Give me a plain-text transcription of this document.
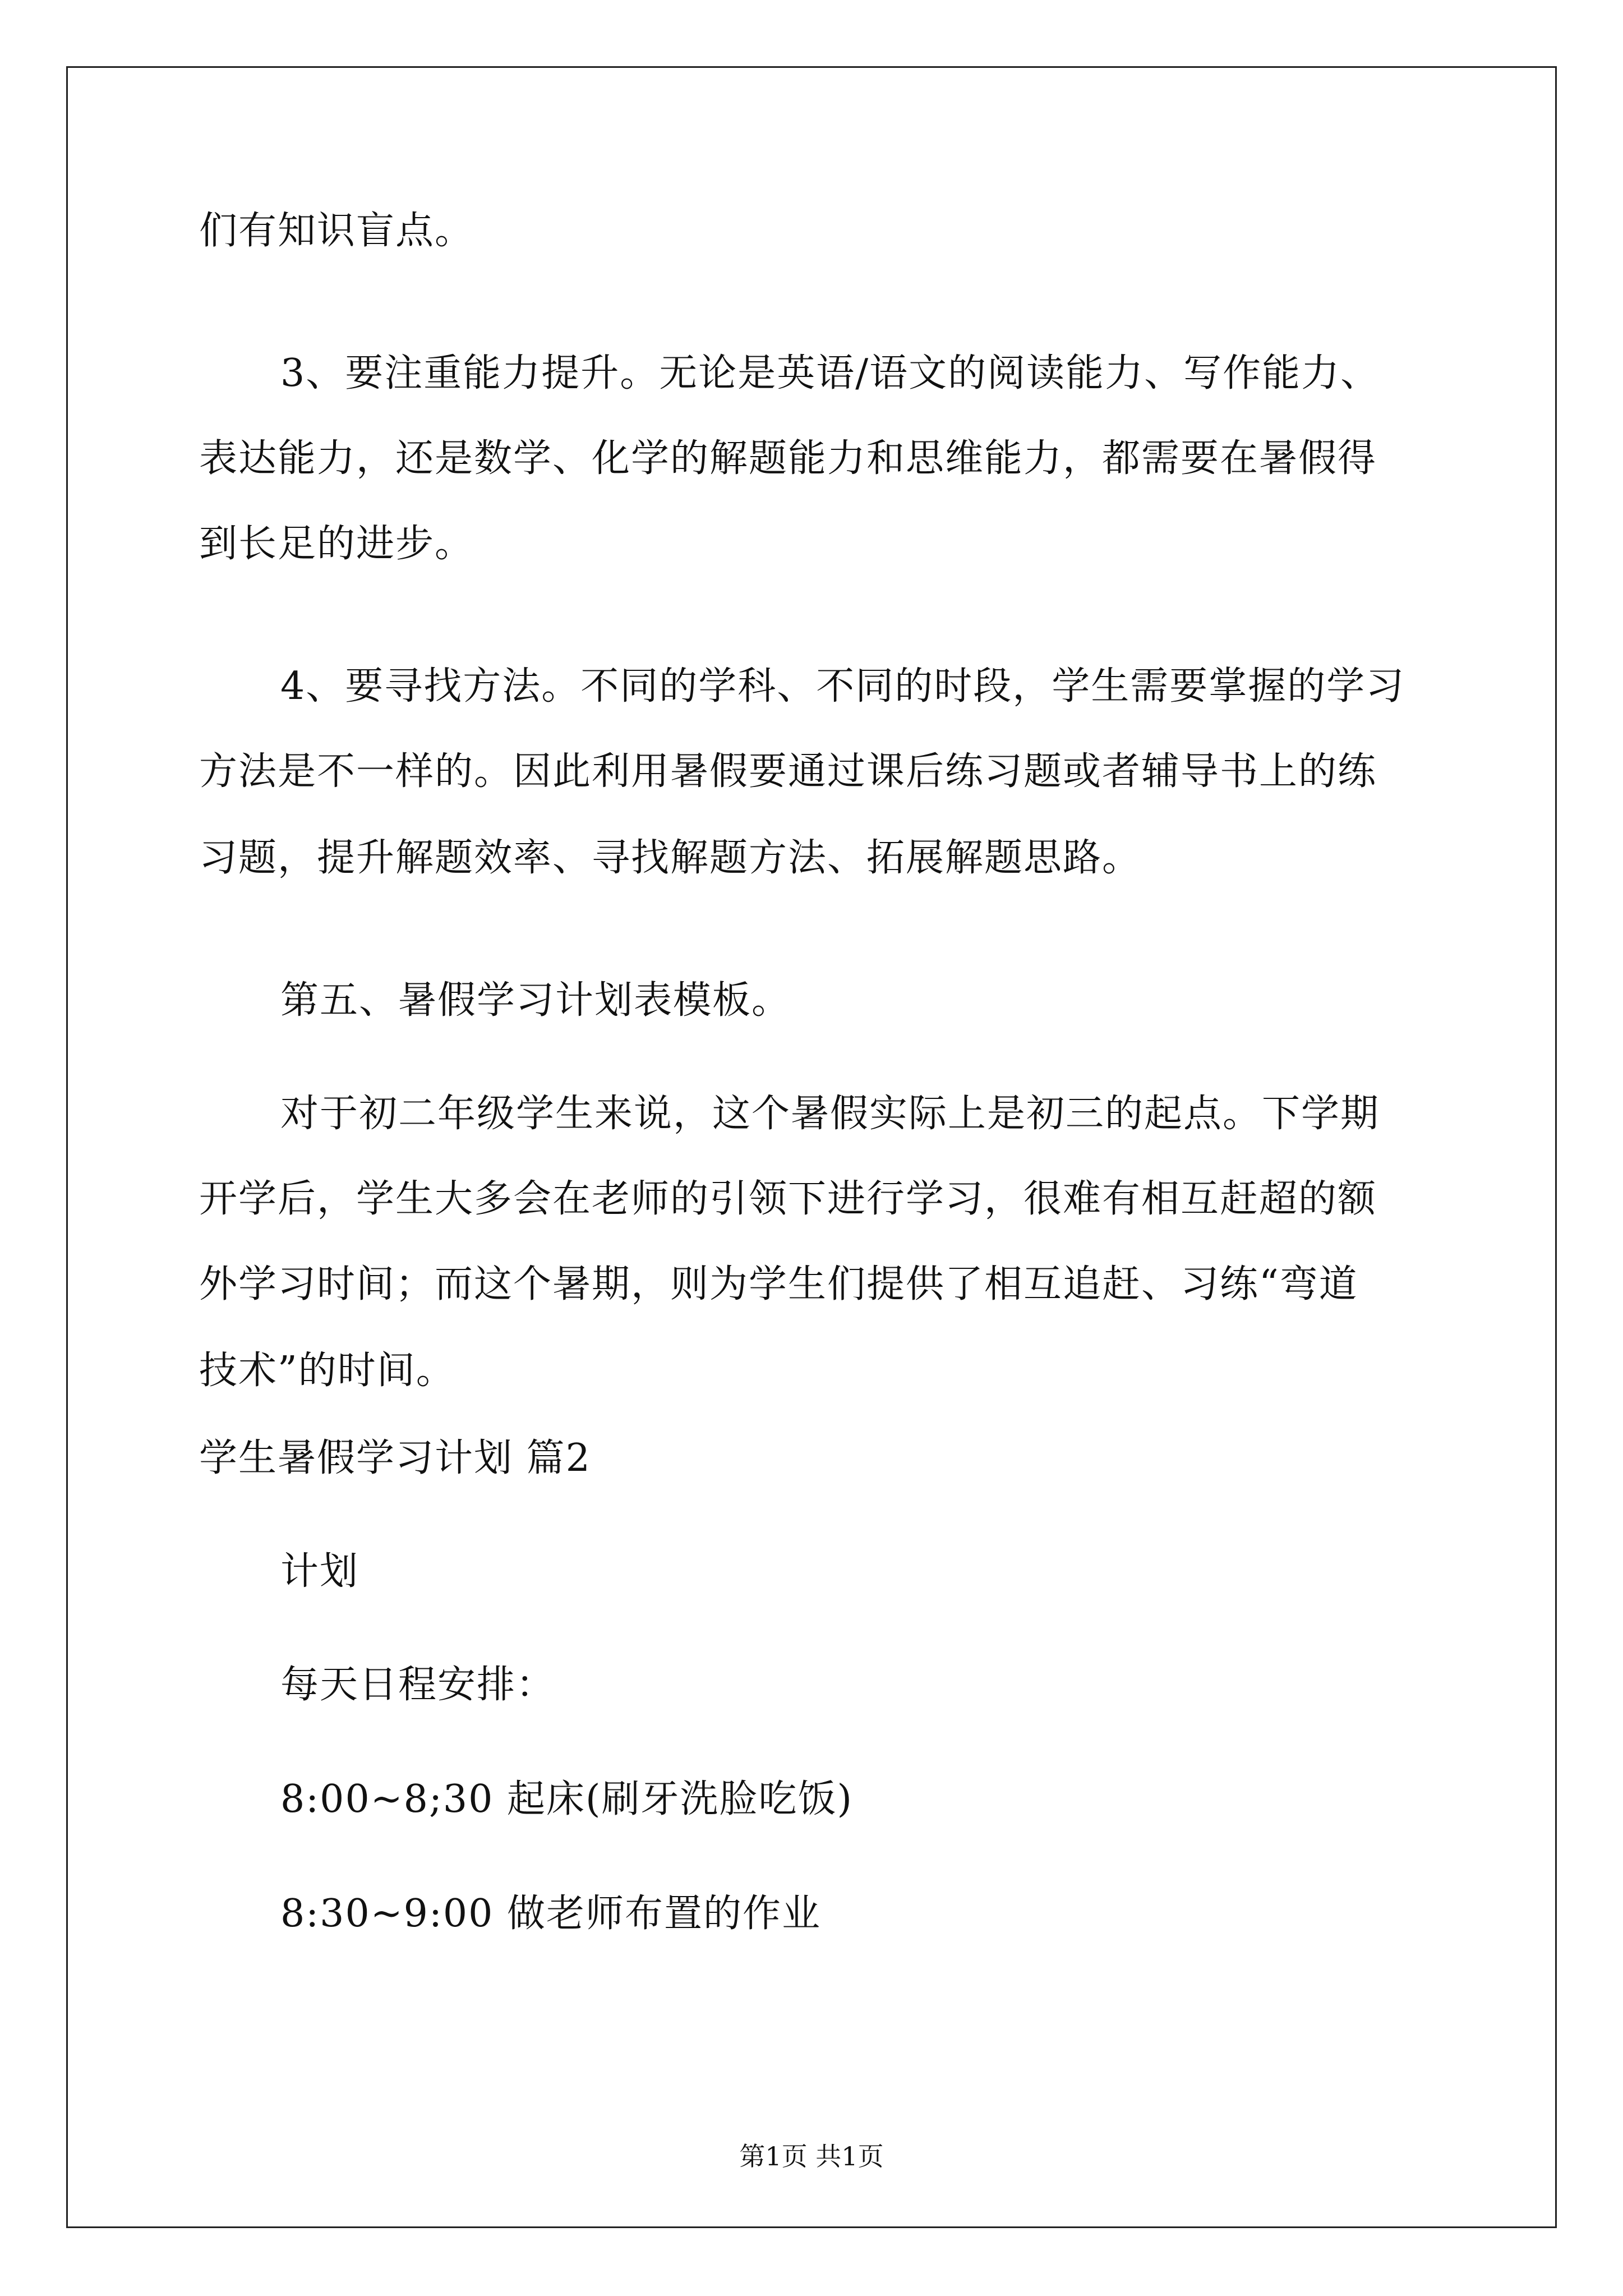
们有知识盲点。
3、要注重能力提升。无论是英语/语文的阅读能力、写作能力、
表达能力，还是数学、化学的解题能力和思维能力，都需要在暑假得
到长足的进步。
4、要寻找方法。不同的学科、不同的时段，学生需要掌握的学习
方法是不一样的。因此利用暑假要通过课后练习题或者辅导书上的练
习题，提升解题效率、寻找解题方法、拓展解题思路。
第五、暑假学习计划表模板。
对于初二年级学生来说，这个暑假实际上是初三的起点。下学期
开学后，学生大多会在老师的引领下进行学习，很难有相互赶超的额
外学习时间；而这个暑期，则为学生们提供了相互追赶、习练“弯道
技术”的时间。
学生暑假学习计划 篇2
计划
每天日程安排：
8:00~8;30 起床(刷牙洗脸吃饭)
8:30~9:00 做老师布置的作业
第1页 共1页
